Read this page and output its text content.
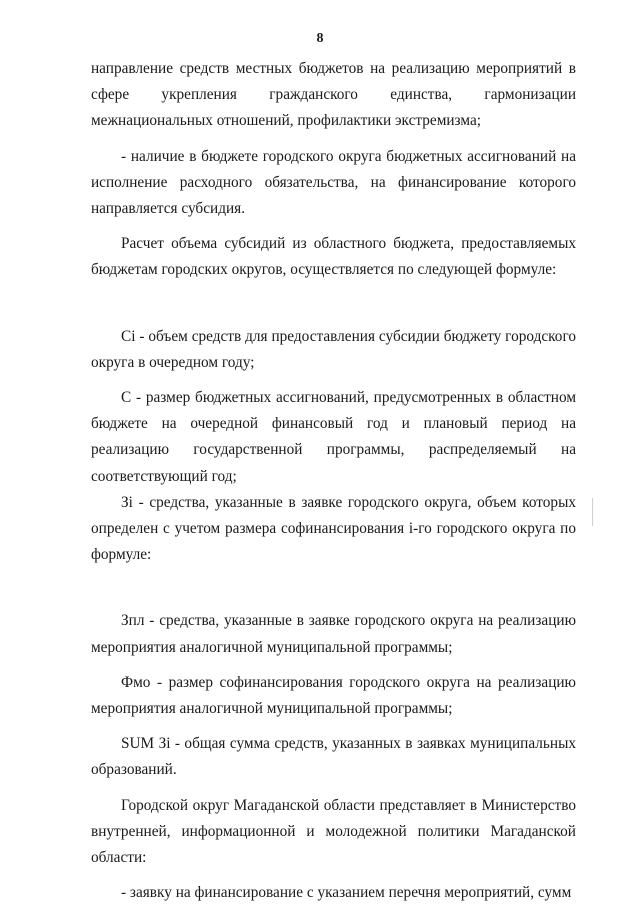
8

направление средств местных бюджетов на реализацию мероприятий в сфере укрепления гражданского единства, гармонизации межнациональных отношений, профилактики экстремизма;

- наличие в бюджете городского округа бюджетных ассигнований на исполнение расходного обязательства, на финансирование которого направляется субсидия.

Расчет объема субсидий из областного бюджета, предоставляемых бюджетам городских округов, осуществляется по следующей формуле:

Ci - объем средств для предоставления субсидии бюджету городского округа в очередном году;

С - размер бюджетных ассигнований, предусмотренных в областном бюджете на очередной финансовый год и плановый период на реализацию государственной программы, распределяемый на соответствующий год;

Зi - средства, указанные в заявке городского округа, объем которых определен с учетом размера софинансирования i-го городского округа по формуле:

Зпл - средства, указанные в заявке городского округа на реализацию мероприятия аналогичной муниципальной программы;

Фмо - размер софинансирования городского округа на реализацию мероприятия аналогичной муниципальной программы;

SUM Зi - общая сумма средств, указанных в заявках муниципальных образований.

Городской округ Магаданской области представляет в Министерство внутренней, информационной и молодежной политики Магаданской области:

- заявку на финансирование с указанием перечня мероприятий, сумм
